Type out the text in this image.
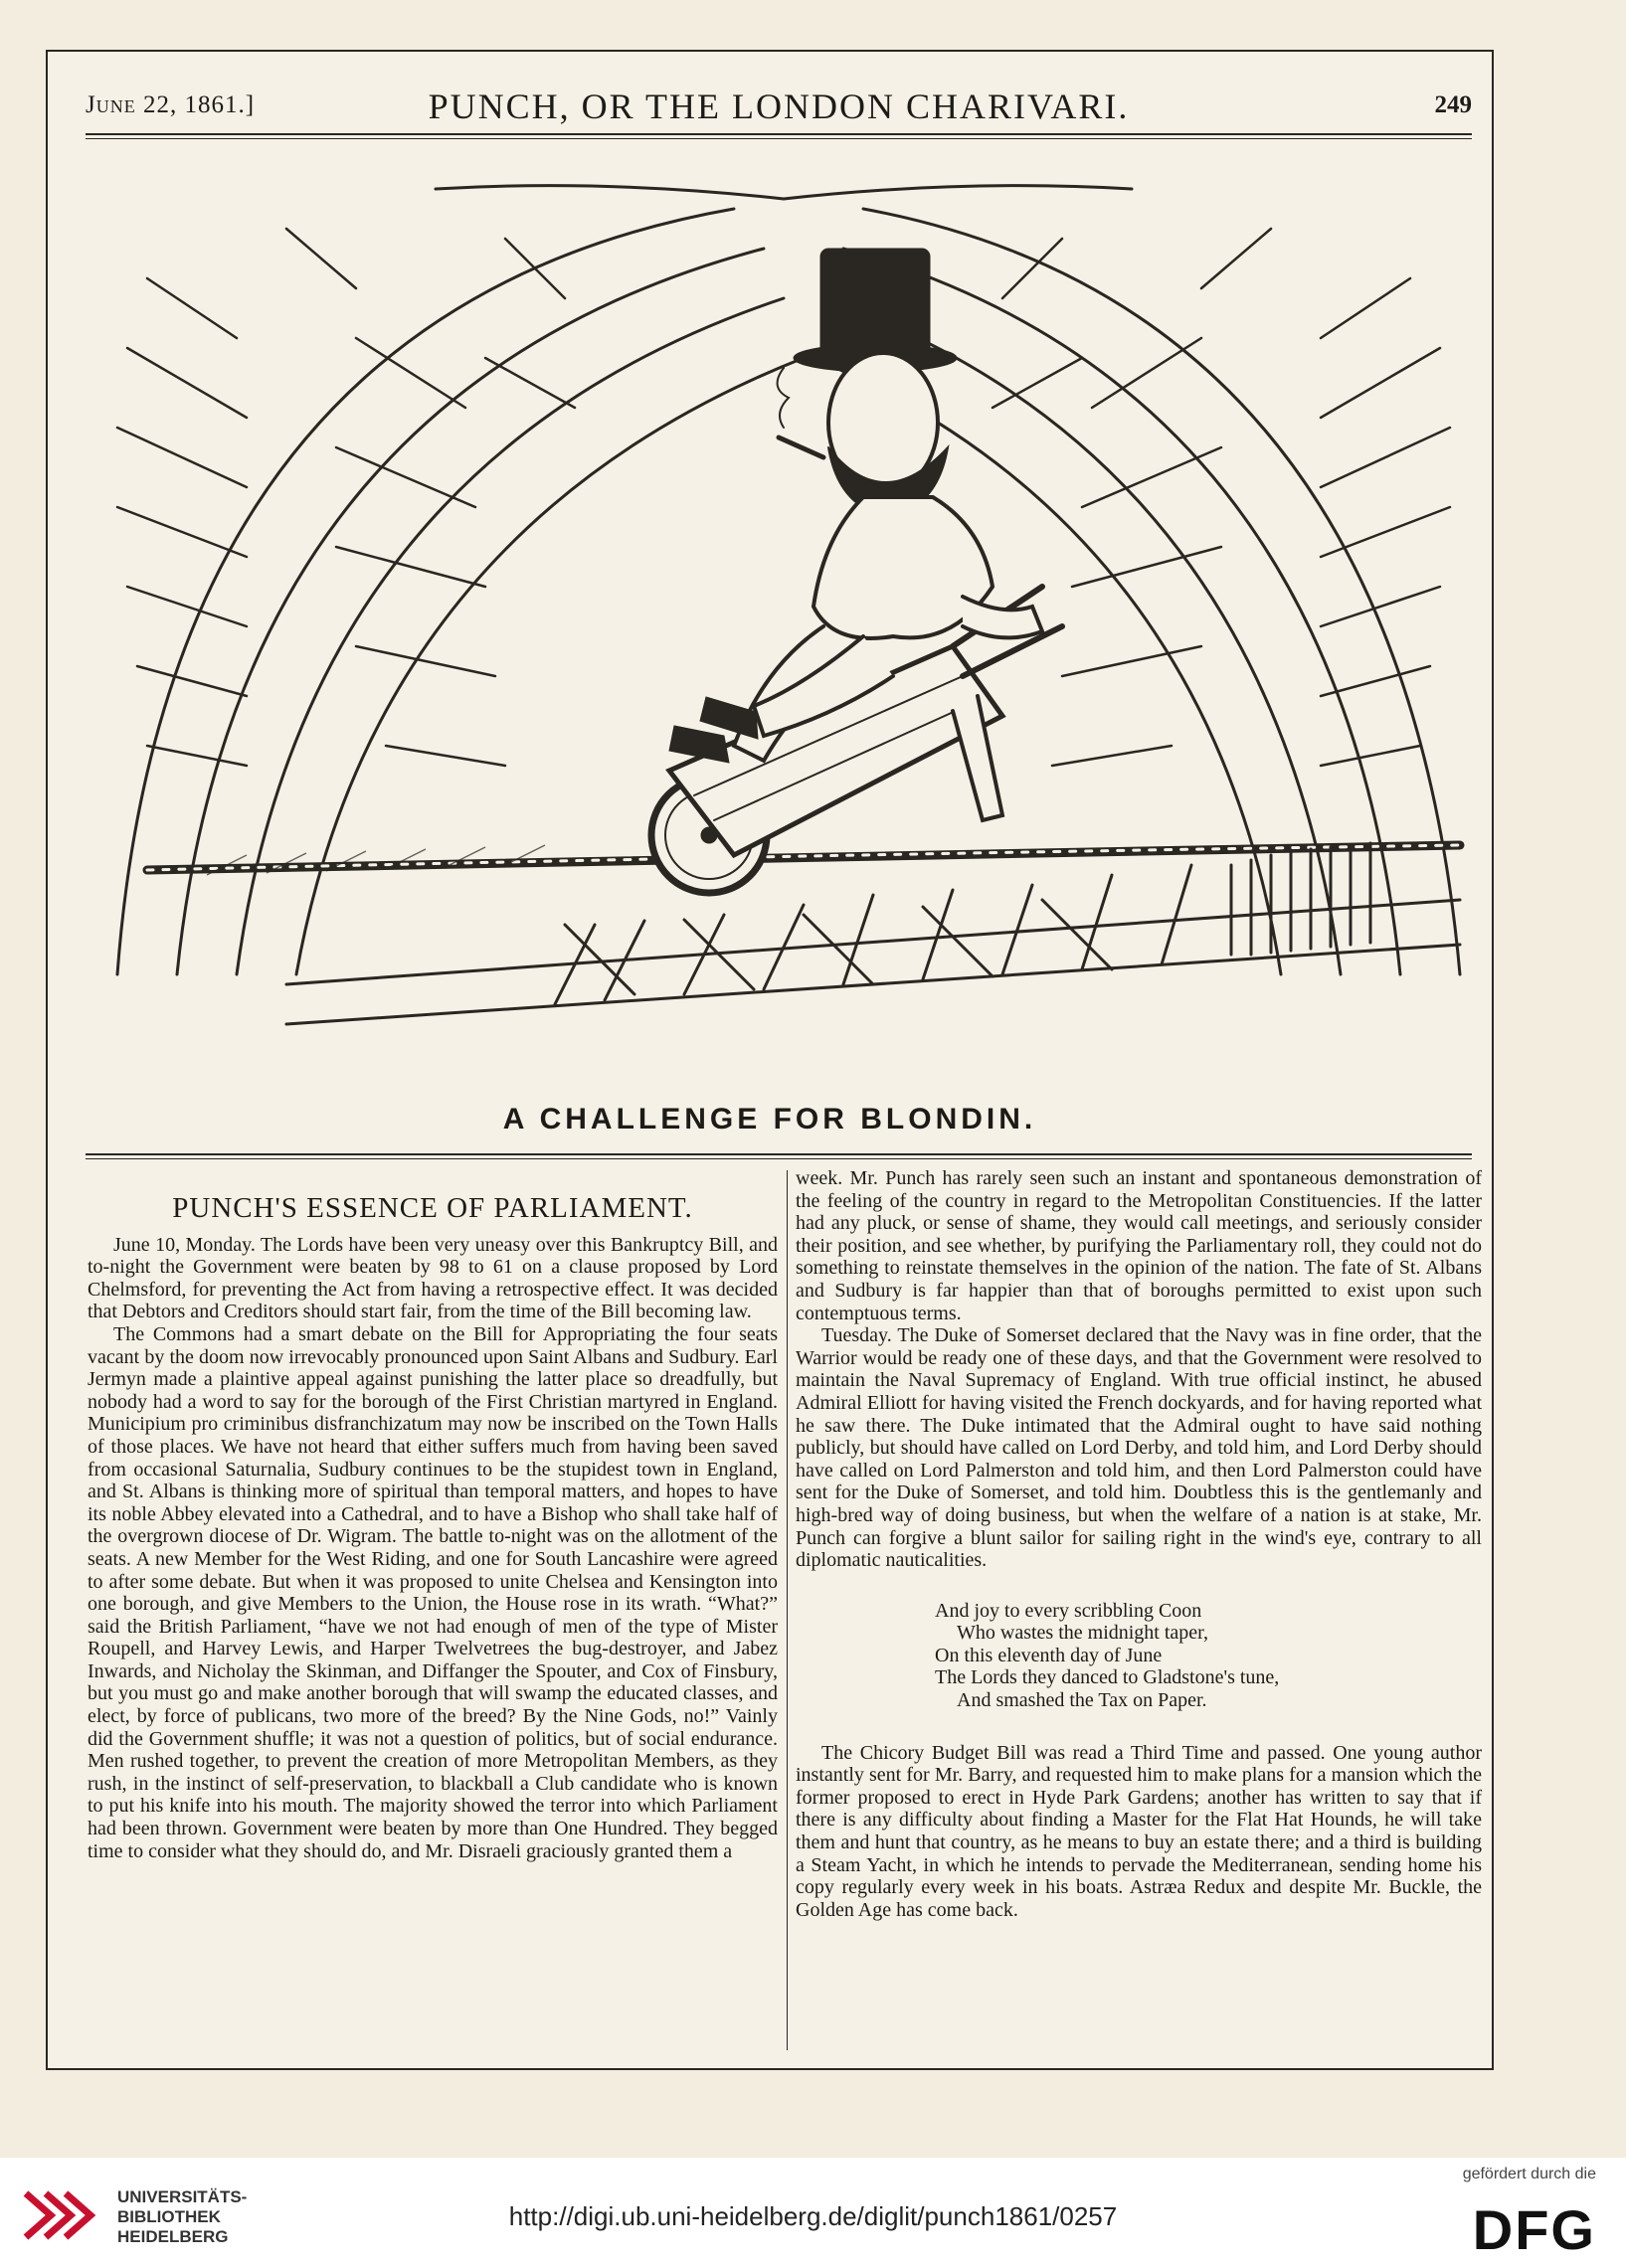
June 22, 1861.]	PUNCH, OR THE LONDON CHARIVARI.	249
A CHALLENGE FOR BLONDIN.
PUNCH'S ESSENCE OF PARLIAMENT.

June 10, Monday. The Lords have been very uneasy over this Bankruptcy Bill, and to-night the Government were beaten by 98 to 61 on a clause proposed by Lord Chelmsford, for preventing the Act from having a retrospective effect. It was decided that Debtors and Creditors should start fair, from the time of the Bill becoming law.

The Commons had a smart debate on the Bill for Appropriating the four seats vacant by the doom now irrevocably pronounced upon Saint Albans and Sudbury. Earl Jermyn made a plaintive appeal against punishing the latter place so dreadfully, but nobody had a word to say for the borough of the First Christian martyred in England. Municipium pro criminibus disfranchizatum may now be inscribed on the Town Halls of those places. We have not heard that either suffers much from having been saved from occasional Saturnalia, Sudbury continues to be the stupidest town in England, and St. Albans is thinking more of spiritual than temporal matters, and hopes to have its noble Abbey elevated into a Cathedral, and to have a Bishop who shall take half of the overgrown diocese of Dr. Wigram. The battle to-night was on the allotment of the seats. A new Member for the West Riding, and one for South Lancashire were agreed to after some debate. But when it was proposed to unite Chelsea and Kensington into one borough, and give Members to the Union, the House rose in its wrath. “What?” said the British Parliament, “have we not had enough of men of the type of Mister Roupell, and Harvey Lewis, and Harper Twelvetrees the bug-destroyer, and Jabez Inwards, and Nicholay the Skinman, and Diffanger the Spouter, and Cox of Finsbury, but you must go and make another borough that will swamp the educated classes, and elect, by force of publicans, two more of the breed? By the Nine Gods, no!” Vainly did the Government shuffle; it was not a question of politics, but of social endurance. Men rushed together, to prevent the creation of more Metropolitan Members, as they rush, in the instinct of self-preservation, to blackball a Club candidate who is known to put his knife into his mouth. The majority showed the terror into which Parliament had been thrown. Government were beaten by more than One Hundred. They begged time to consider what they should do, and Mr. Disraeli graciously granted them a

week. Mr. Punch has rarely seen such an instant and spontaneous demonstration of the feeling of the country in regard to the Metropolitan Constituencies. If the latter had any pluck, or sense of shame, they would call meetings, and seriously consider their position, and see whether, by purifying the Parliamentary roll, they could not do something to reinstate themselves in the opinion of the nation. The fate of St. Albans and Sudbury is far happier than that of boroughs permitted to exist upon such contemptuous terms.

Tuesday. The Duke of Somerset declared that the Navy was in fine order, that the Warrior would be ready one of these days, and that the Government were resolved to maintain the Naval Supremacy of England. With true official instinct, he abused Admiral Elliott for having visited the French dockyards, and for having reported what he saw there. The Duke intimated that the Admiral ought to have said nothing publicly, but should have called on Lord Derby, and told him, and Lord Derby should have called on Lord Palmerston and told him, and then Lord Palmerston could have sent for the Duke of Somerset, and told him. Doubtless this is the gentlemanly and high-bred way of doing business, but when the welfare of a nation is at stake, Mr. Punch can forgive a blunt sailor for sailing right in the wind's eye, contrary to all diplomatic nauticalities.

And joy to every scribbling Coon
Who wastes the midnight taper,
On this eleventh day of June
The Lords they danced to Gladstone's tune,
And smashed the Tax on Paper.

The Chicory Budget Bill was read a Third Time and passed. One young author instantly sent for Mr. Barry, and requested him to make plans for a mansion which the former proposed to erect in Hyde Park Gardens; another has written to say that if there is any difficulty about finding a Master for the Flat Hat Hounds, he will take them and hunt that country, as he means to buy an estate there; and a third is building a Steam Yacht, in which he intends to pervade the Mediterranean, sending home his copy regularly every week in his boats. Astræa Redux and despite Mr. Buckle, the Golden Age has come back.

UNIVERSITÄTS-
BIBLIOTHEK
HEIDELBERG
http://digi.ub.uni-heidelberg.de/diglit/punch1861/0257
gefördert durch die
DFG
